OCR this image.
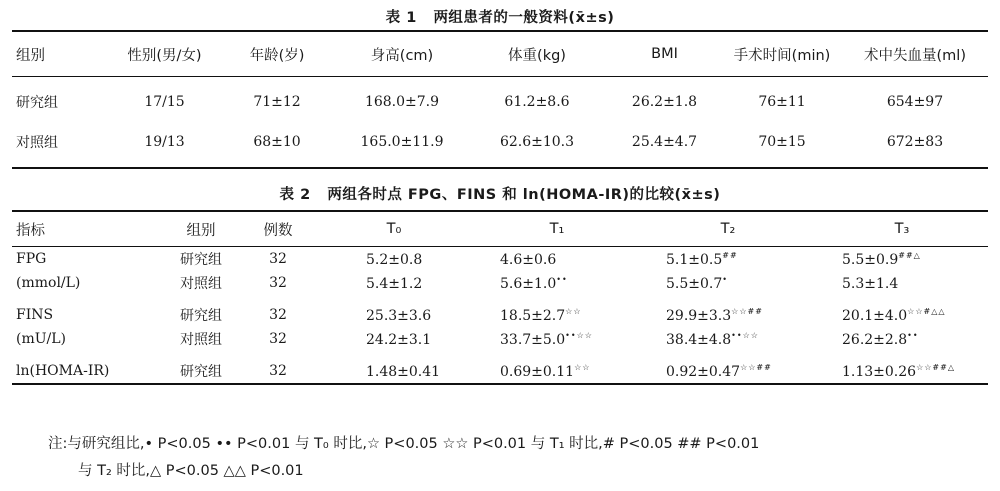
表 1 两组患者的一般资料(x̄±s)
组别	性别(男/女)	年龄(岁)	身高(cm)	体重(kg)	BMI	手术时间(min)	术中失血量(ml)
研究组	17/15	71±12	168.0±7.9	61.2±8.6	26.2±1.8	76±11	654±97
对照组	19/13	68±10	165.0±11.9	62.6±10.3	25.4±4.7	70±15	672±83
表 2 两组各时点 FPG、FINS 和 ln(HOMA-IR)的比较(x̄±s)
指标	组别	例数	T₀	T₁	T₂	T₃
FPG	研究组	32	5.2±0.8	4.6±0.6	5.1±0.5##	5.5±0.9##△
(mmol/L)	对照组	32	5.4±1.2	5.6±1.0••	5.5±0.7•	5.3±1.4
FINS	研究组	32	25.3±3.6	18.5±2.7☆☆	29.9±3.3☆☆##	20.1±4.0☆☆#△△
(mU/L)	对照组	32	24.2±3.1	33.7±5.0••☆☆	38.4±4.8••☆☆	26.2±2.8••
ln(HOMA-IR)	研究组	32	1.48±0.41	0.69±0.11☆☆	0.92±0.47☆☆##	1.13±0.26☆☆##△
注:与研究组比,• P<0.05 •• P<0.01 与 T₀ 时比,☆ P<0.05 ☆☆ P<0.01 与 T₁ 时比,# P<0.05 ## P<0.01
与 T₂ 时比,△ P<0.05 △△ P<0.01
